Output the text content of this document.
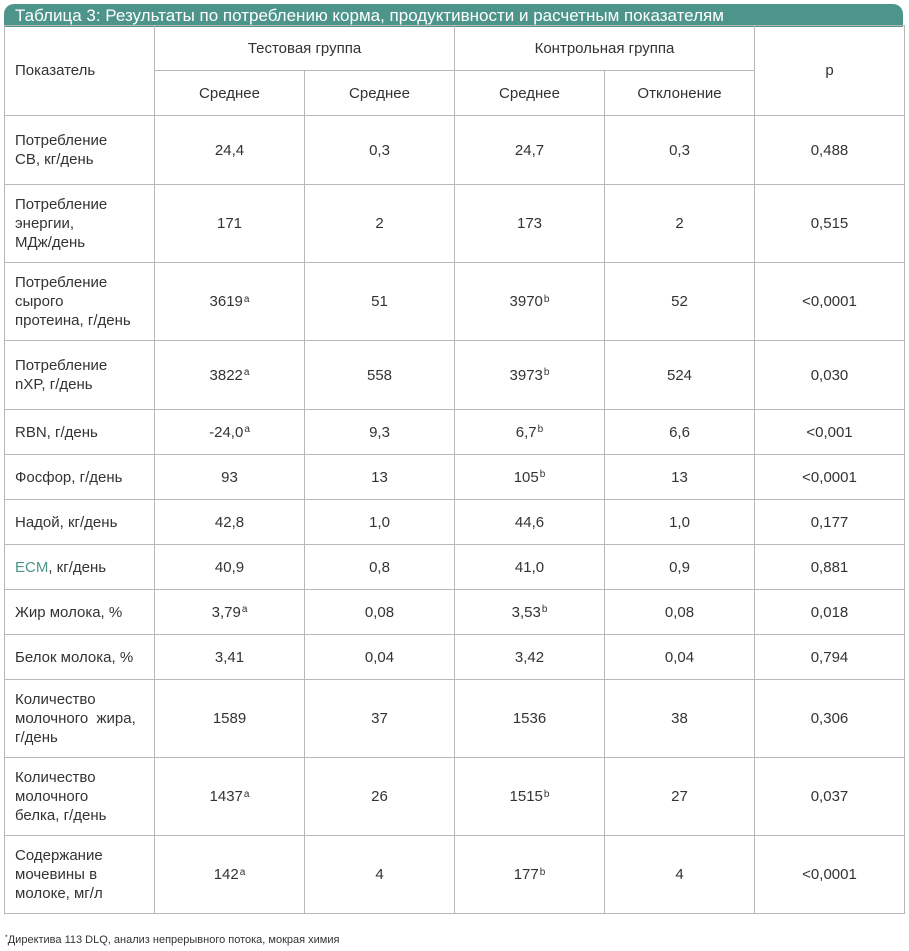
Таблица 3: Результаты по потреблению корма, продуктивности и расчетным показателям
Показатель	Тестовая группа		Контрольная группа		p
	Среднее	Среднее	Среднее	Отклонение	

Потребление
СВ, кг/день	24,4	0,3	24,7	0,3	0,488

Потребление
энергии,
МДж/день	171	2	173	2	0,515

Потребление
сырого
протеина, г/день	3619$^a$	51	3970$^b$	52	<0,0001

Потребление
nXP, г/день	3822$^a$	558	3973$^b$	524	0,030

RBN, г/день	-24,0$^a$	9,3	6,7$^b$	6,6	<0,001

Фосфор, г/день	93	13	105$^b$	13	<0,0001

Надой, кг/день	42,8	1,0	44,6	1,0	0,177

ECM, кг/день	40,9	0,8	41,0	0,9	0,881

Жир молока, %	3,79$^a$	0,08	3,53$^b$	0,08	0,018

Белок молока, %	3,41	0,04	3,42	0,04	0,794

Количество
молочного  жира,
г/день	1589	37	1536	38	0,306

Количество
молочного
белка, г/день	1437$^a$	26	1515$^b$	27	0,037

Содержание
мочевины в
молоке, мг/л	142$^a$	4	177$^b$	4	<0,0001
*Директива 113 DLQ, анализ непрерывного потока, мокрая химия
